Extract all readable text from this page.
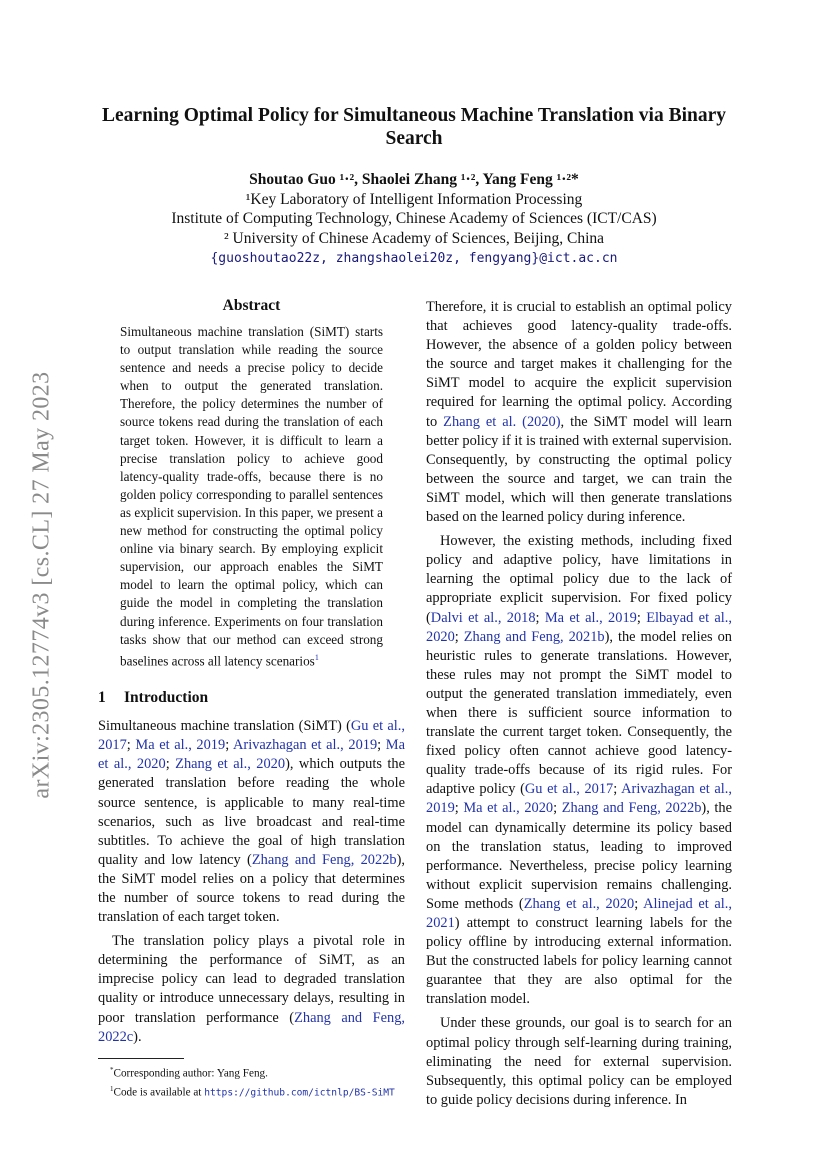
arXiv:2305.12774v3 [cs.CL] 27 May 2023
Learning Optimal Policy for Simultaneous Machine Translation via Binary Search
Shoutao Guo ¹·², Shaolei Zhang ¹·², Yang Feng ¹·²*
¹Key Laboratory of Intelligent Information Processing
Institute of Computing Technology, Chinese Academy of Sciences (ICT/CAS)
² University of Chinese Academy of Sciences, Beijing, China
{guoshoutao22z, zhangshaolei20z, fengyang}@ict.ac.cn
Abstract

Simultaneous machine translation (SiMT) starts to output translation while reading the source sentence and needs a precise policy to decide when to output the generated translation. Therefore, the policy determines the number of source tokens read during the translation of each target token. However, it is difficult to learn a precise translation policy to achieve good latency-quality trade-offs, because there is no golden policy corresponding to parallel sentences as explicit supervision. In this paper, we present a new method for constructing the optimal policy online via binary search. By employing explicit supervision, our approach enables the SiMT model to learn the optimal policy, which can guide the model in completing the translation during inference. Experiments on four translation tasks show that our method can exceed strong baselines across all latency scenarios$^1$

1 Introduction

Simultaneous machine translation (SiMT) (Gu et al., 2017; Ma et al., 2019; Arivazhagan et al., 2019; Ma et al., 2020; Zhang et al., 2020), which outputs the generated translation before reading the whole source sentence, is applicable to many real-time scenarios, such as live broadcast and real-time subtitles. To achieve the goal of high translation quality and low latency (Zhang and Feng, 2022b), the SiMT model relies on a policy that determines the number of source tokens to read during the translation of each target token.

The translation policy plays a pivotal role in determining the performance of SiMT, as an imprecise policy can lead to degraded translation quality or introduce unnecessary delays, resulting in poor translation performance (Zhang and Feng, 2022c).

*Corresponding author: Yang Feng.

$^1$Code is available at https://github.com/ictnlp/BS-SiMT

Therefore, it is crucial to establish an optimal policy that achieves good latency-quality trade-offs. However, the absence of a golden policy between the source and target makes it challenging for the SiMT model to acquire the explicit supervision required for learning the optimal policy. According to Zhang et al. (2020), the SiMT model will learn better policy if it is trained with external supervision. Consequently, by constructing the optimal policy between the source and target, we can train the SiMT model, which will then generate translations based on the learned policy during inference.

However, the existing methods, including fixed policy and adaptive policy, have limitations in learning the optimal policy due to the lack of appropriate explicit supervision. For fixed policy (Dalvi et al., 2018; Ma et al., 2019; Elbayad et al., 2020; Zhang and Feng, 2021b), the model relies on heuristic rules to generate translations. However, these rules may not prompt the SiMT model to output the generated translation immediately, even when there is sufficient source information to translate the current target token. Consequently, the fixed policy often cannot achieve good latency-quality trade-offs because of its rigid rules. For adaptive policy (Gu et al., 2017; Arivazhagan et al., 2019; Ma et al., 2020; Zhang and Feng, 2022b), the model can dynamically determine its policy based on the translation status, leading to improved performance. Nevertheless, precise policy learning without explicit supervision remains challenging. Some methods (Zhang et al., 2020; Alinejad et al., 2021) attempt to construct learning labels for the policy offline by introducing external information. But the constructed labels for policy learning cannot guarantee that they are also optimal for the translation model.

Under these grounds, our goal is to search for an optimal policy through self-learning during training, eliminating the need for external supervision. Subsequently, this optimal policy can be employed to guide policy decisions during inference. In
